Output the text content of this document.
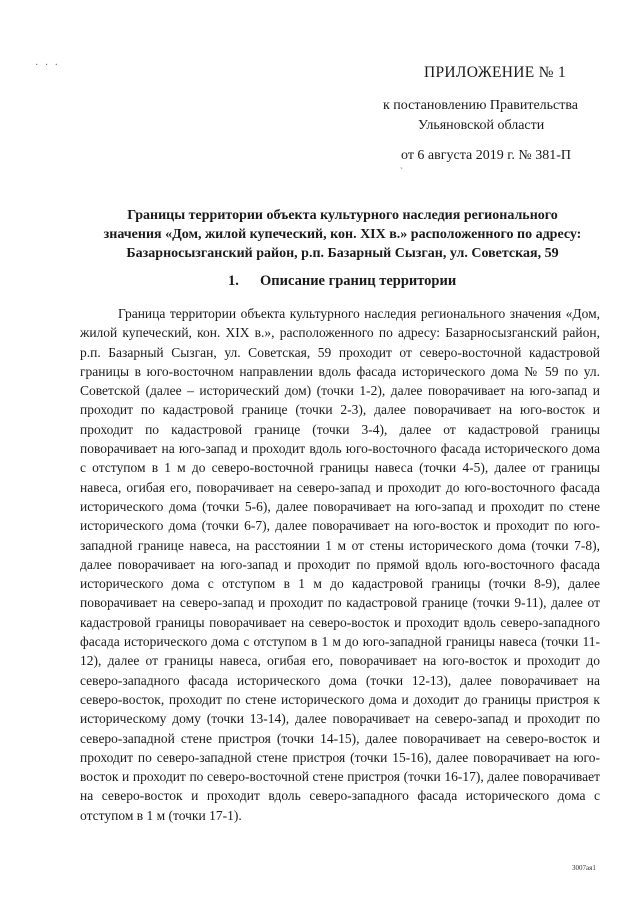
· · ·	ПРИЛОЖЕНИЕ № 1
к постановлению Правительства
Ульяновской области
от 6 августа 2019 г. № 381-П
`
Границы территории объекта культурного наследия регионального
значения «Дом, жилой купеческий, кон. XIX в.» расположенного по адресу:
Базарносызганский район, р.п. Базарный Сызган, ул. Советская, 59
1. Описание границ территории

Граница территории объекта культурного наследия регионального значения «Дом, жилой купеческий, кон. XIX в.», расположенного по адресу: Базарносызганский район, р.п. Базарный Сызган, ул. Советская, 59 проходит от северо-восточной кадастровой границы в юго-восточном направлении вдоль фасада исторического дома № 59 по ул. Советской (далее – исторический дом) (точки 1-2), далее поворачивает на юго-запад и проходит по кадастровой границе (точки 2-3), далее поворачивает на юго-восток и проходит по кадастровой границе (точки 3-4), далее от кадастровой границы поворачивает на юго-запад и проходит вдоль юго-восточного фасада исторического дома с отступом в 1 м до северо-восточной границы навеса (точки 4-5), далее от границы навеса, огибая его, поворачивает на северо-запад и проходит до юго-восточного фасада исторического дома (точки 5-6), далее поворачивает на юго-запад и проходит по стене исторического дома (точки 6-7), далее поворачивает на юго-восток и проходит по юго-западной границе навеса, на расстоянии 1 м от стены исторического дома (точки 7-8), далее поворачивает на юго-запад и проходит по прямой вдоль юго-восточного фасада исторического дома с отступом в 1 м до кадастровой границы (точки 8-9), далее поворачивает на северо-запад и проходит по кадастровой границе (точки 9-11), далее от кадастровой границы поворачивает на северо-восток и проходит вдоль северо-западного фасада исторического дома с отступом в 1 м до юго-западной границы навеса (точки 11-12), далее от границы навеса, огибая его, поворачивает на юго-восток и проходит до северо-западного фасада исторического дома (точки 12-13), далее поворачивает на северо-восток, проходит по стене исторического дома и доходит до границы пристроя к историческому дому (точки 13-14), далее поворачивает на северо-запад и проходит по северо-западной стене пристроя (точки 14-15), далее поворачивает на северо-восток и проходит по северо-западной стене пристроя (точки 15-16), далее поворачивает на юго-восток и проходит по северо-восточной стене пристроя (точки 16-17), далее поворачивает на северо-восток и проходит вдоль северо-западного фасада исторического дома с отступом в 1 м (точки 17-1).

3007ая1
